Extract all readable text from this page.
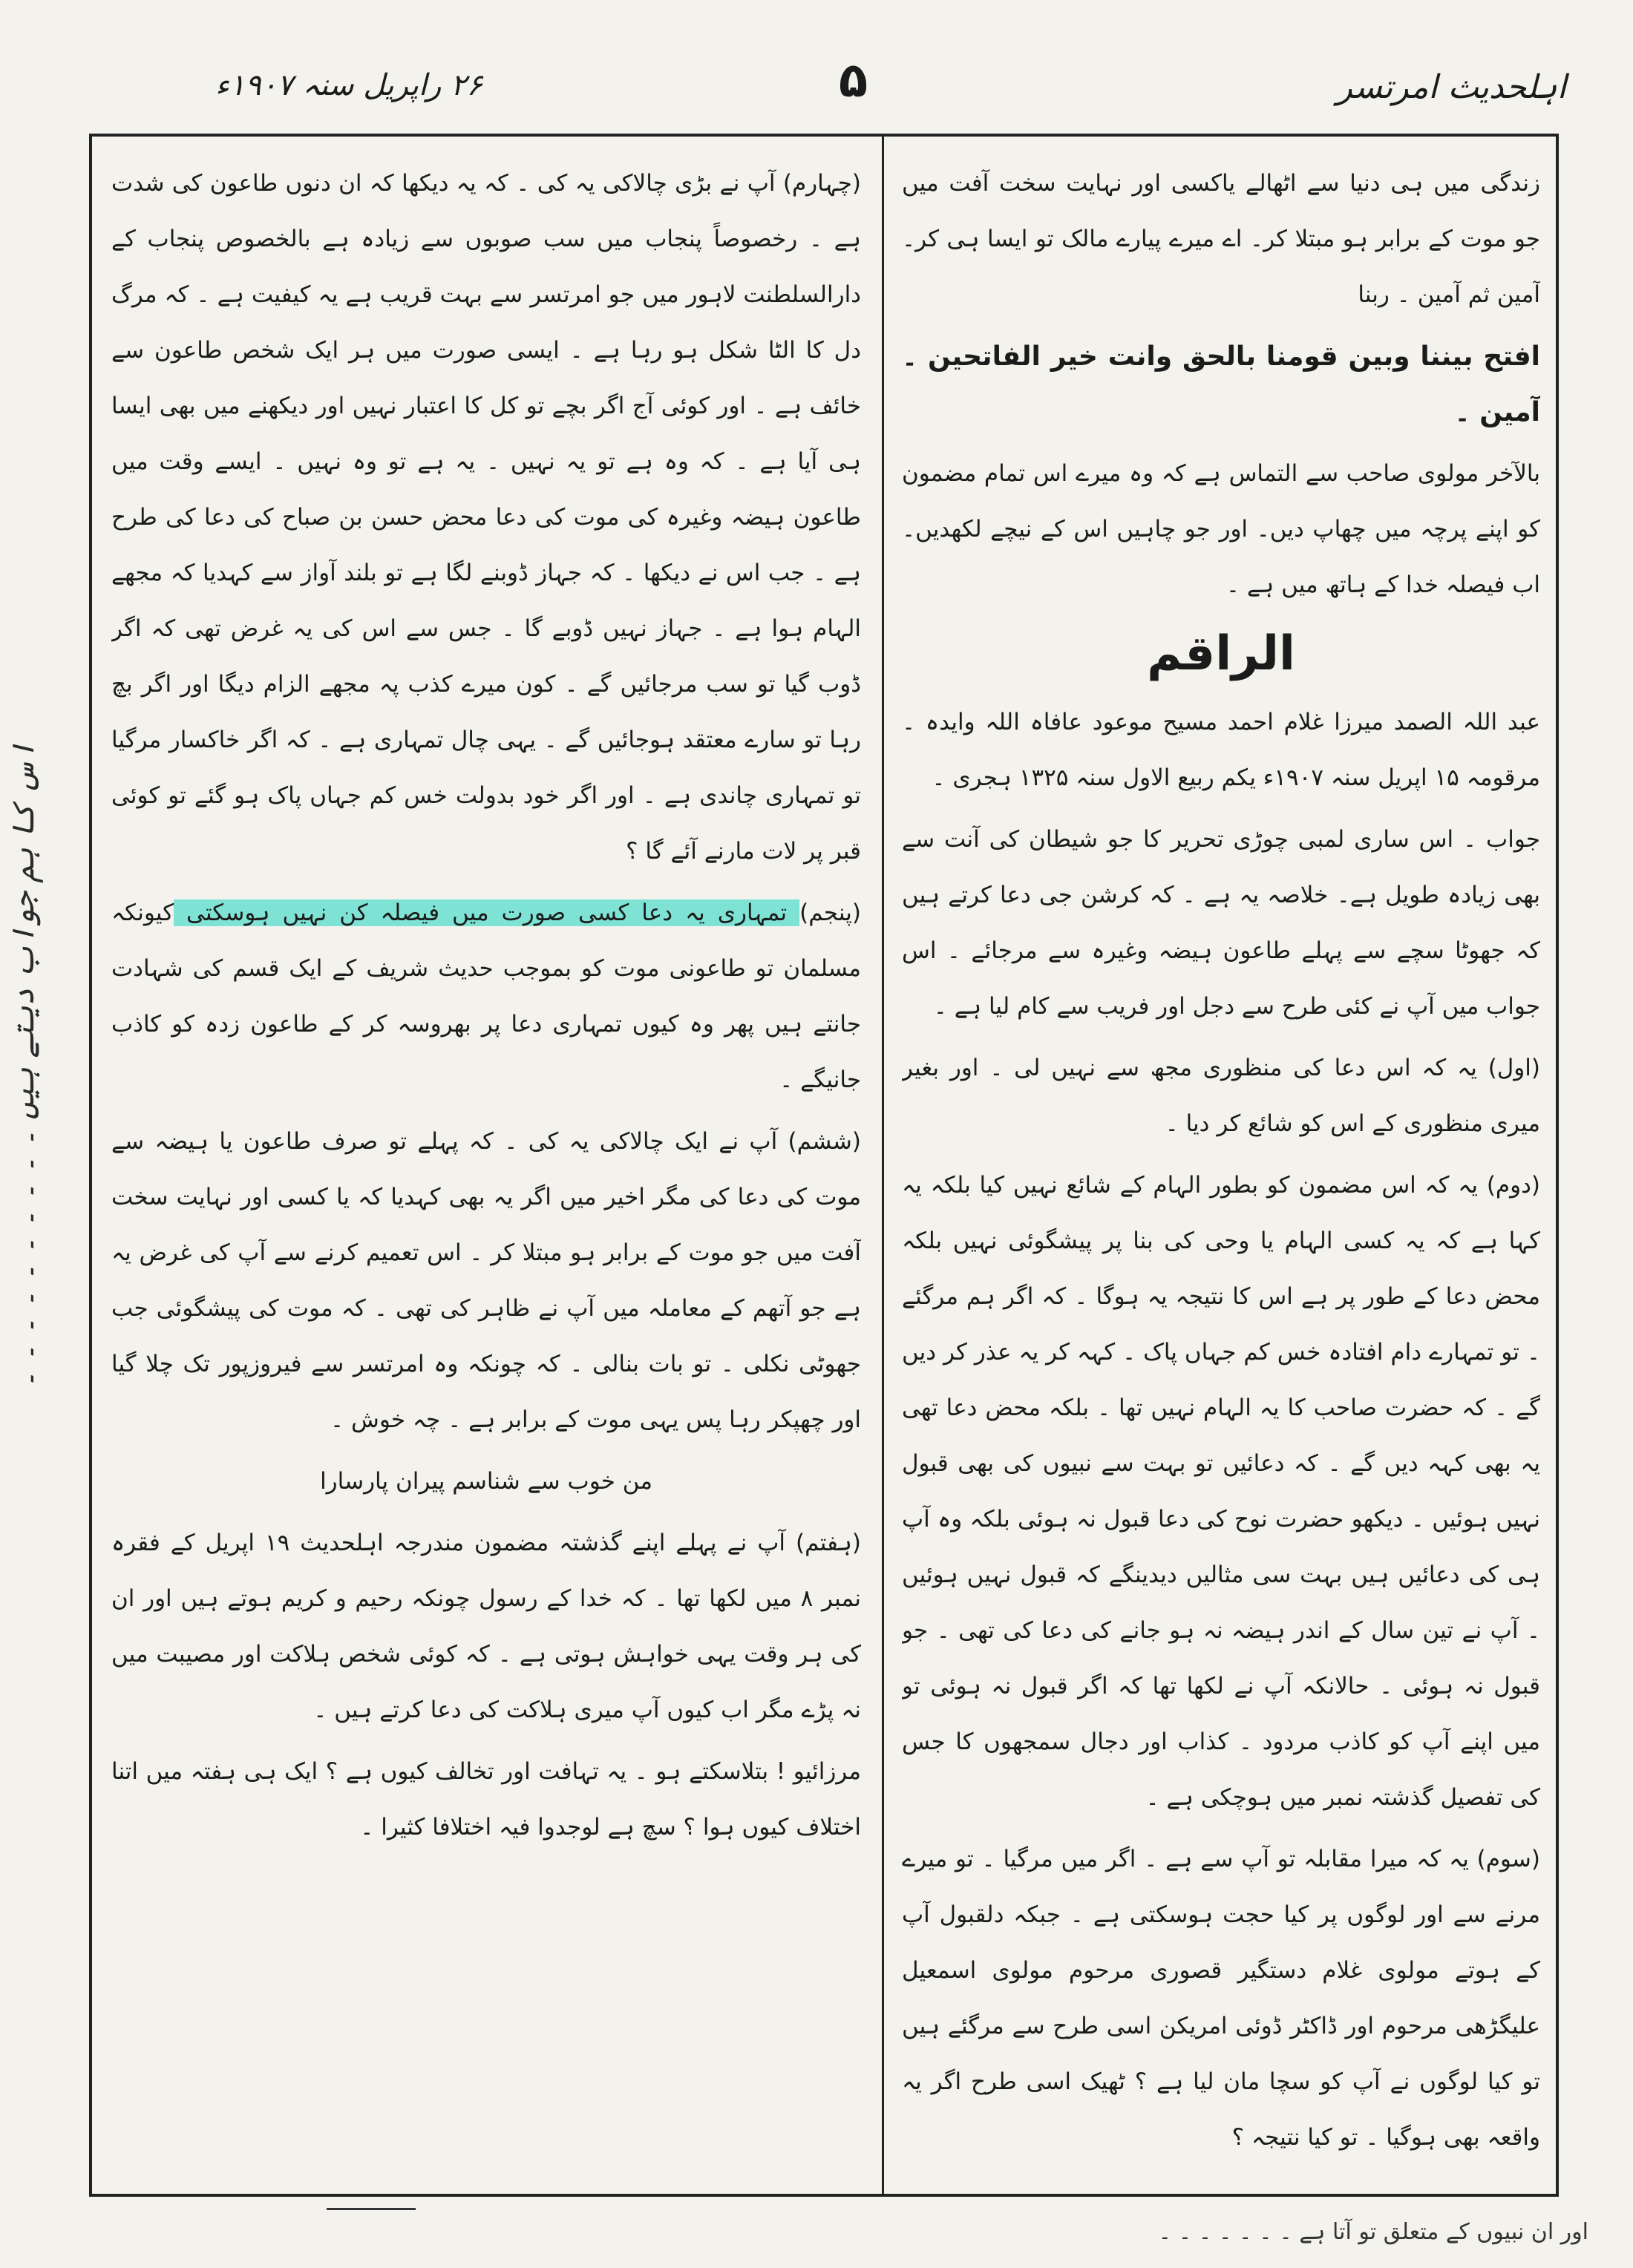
اہلحدیث امرتسر
۵
۲۶ راپریل سنہ ۱۹۰۷ء

زندگی میں ہی دنیا سے اٹھالے یاکسی اور نہایت سخت آفت میں جو موت کے برابر ہو مبتلا کر۔ اے میرے پیارے مالک تو ایسا ہی کر۔ آمین ثم آمین ۔ ربنا

افتح بیننا وبین قومنا بالحق وانت خیر الفاتحین ۔ آمین ۔

بالآخر مولوی صاحب سے التماس ہے کہ وہ میرے اس تمام مضمون کو اپنے پرچہ میں چھاپ دیں۔ اور جو چاہیں اس کے نیچے لکھدیں۔ اب فیصلہ خدا کے ہاتھ میں ہے ۔

الراقم

عبد اللہ الصمد میرزا غلام احمد مسیح موعود عافاہ اللہ وایدہ ۔ مرقومہ ۱۵ اپریل سنہ ۱۹۰۷ء یکم ربیع الاول سنہ ۱۳۲۵ ہجری ۔

جواب ۔ اس ساری لمبی چوڑی تحریر کا جو شیطان کی آنت سے بھی زیادہ طویل ہے۔ خلاصہ یہ ہے ۔ کہ کرشن جی دعا کرتے ہیں کہ جھوٹا سچے سے پہلے طاعون ہیضہ وغیرہ سے مرجائے ۔ اس جواب میں آپ نے کئی طرح سے دجل اور فریب سے کام لیا ہے ۔

(اول) یہ کہ اس دعا کی منظوری مجھ سے نہیں لی ۔ اور بغیر میری منظوری کے اس کو شائع کر دیا ۔

(دوم) یہ کہ اس مضمون کو بطور الہام کے شائع نہیں کیا بلکہ یہ کہا ہے کہ یہ کسی الہام یا وحی کی بنا پر پیشگوئی نہیں بلکہ محض دعا کے طور پر ہے اس کا نتیجہ یہ ہوگا ۔ کہ اگر ہم مرگئے ۔ تو تمہارے دام افتادہ خس کم جہاں پاک ۔ کہہ کر یہ عذر کر دیں گے ۔ کہ حضرت صاحب کا یہ الہام نہیں تھا ۔ بلکہ محض دعا تھی یہ بھی کہہ دیں گے ۔ کہ دعائیں تو بہت سے نبیوں کی بھی قبول نہیں ہوئیں ۔ دیکھو حضرت نوح کی دعا قبول نہ ہوئی بلکہ وہ آپ ہی کی دعائیں ہیں بہت سی مثالیں دیدینگے کہ قبول نہیں ہوئیں ۔ آپ نے تین سال کے اندر ہیضہ نہ ہو جانے کی دعا کی تھی ۔ جو قبول نہ ہوئی ۔ حالانکہ آپ نے لکھا تھا کہ اگر قبول نہ ہوئی تو میں اپنے آپ کو کاذب مردود ۔ کذاب اور دجال سمجھوں کا جس کی تفصیل گذشتہ نمبر میں ہوچکی ہے ۔

(سوم) یہ کہ میرا مقابلہ تو آپ سے ہے ۔ اگر میں مرگیا ۔ تو میرے مرنے سے اور لوگوں پر کیا حجت ہوسکتی ہے ۔ جبکہ دلقبول آپ کے ہوتے مولوی غلام دستگیر قصوری مرحوم مولوی اسمعیل علیگڑھی مرحوم اور ڈاکٹر ڈوئی امریکن اسی طرح سے مرگئے ہیں تو کیا لوگوں نے آپ کو سچا مان لیا ہے ؟ ٹھیک اسی طرح اگر یہ واقعہ بھی ہوگیا ۔ تو کیا نتیجہ ؟

(چہارم) آپ نے بڑی چالاکی یہ کی ۔ کہ یہ دیکھا کہ ان دنوں طاعون کی شدت ہے ۔ رخصوصاً پنجاب میں سب صوبوں سے زیادہ ہے بالخصوص پنجاب کے دارالسلطنت لاہور میں جو امرتسر سے بہت قریب ہے یہ کیفیت ہے ۔ کہ مرگ دل کا الٹا شکل ہو رہا ہے ۔ ایسی صورت میں ہر ایک شخص طاعون سے خائف ہے ۔ اور کوئی آج اگر بچے تو کل کا اعتبار نہیں اور دیکھنے میں بھی ایسا ہی آیا ہے ۔ کہ وہ ہے تو یہ نہیں ۔ یہ ہے تو وہ نہیں ۔ ایسے وقت میں طاعون ہیضہ وغیرہ کی موت کی دعا محض حسن بن صباح کی دعا کی طرح ہے ۔ جب اس نے دیکھا ۔ کہ جہاز ڈوبنے لگا ہے تو بلند آواز سے کہدیا کہ مجھے الہام ہوا ہے ۔ جہاز نہیں ڈوبے گا ۔ جس سے اس کی یہ غرض تھی کہ اگر ڈوب گیا تو سب مرجائیں گے ۔ کون میرے کذب پہ مجھے الزام دیگا اور اگر بچ رہا تو سارے معتقد ہوجائیں گے ۔ یہی چال تمہاری ہے ۔ کہ اگر خاکسار مرگیا تو تمہاری چاندی ہے ۔ اور اگر خود بدولت خس کم جہاں پاک ہو گئے تو کوئی قبر پر لات مارنے آئے گا ؟

(پنجم) تمہاری یہ دعا کسی صورت میں فیصلہ کن نہیں ہوسکتی کیونکہ مسلمان تو طاعونی موت کو بموجب حدیث شریف کے ایک قسم کی شہادت جانتے ہیں پھر وہ کیوں تمہاری دعا پر بھروسہ کر کے طاعون زدہ کو کاذب جانیگے ۔

(ششم) آپ نے ایک چالاکی یہ کی ۔ کہ پہلے تو صرف طاعون یا ہیضہ سے موت کی دعا کی مگر اخیر میں اگر یہ بھی کہدیا کہ یا کسی اور نہایت سخت آفت میں جو موت کے برابر ہو مبتلا کر ۔ اس تعمیم کرنے سے آپ کی غرض یہ ہے جو آتھم کے معاملہ میں آپ نے ظاہر کی تھی ۔ کہ موت کی پیشگوئی جب جھوٹی نکلی ۔ تو بات بنالی ۔ کہ چونکہ وہ امرتسر سے فیروزپور تک چلا گیا اور چھپکر رہا پس یہی موت کے برابر ہے ۔ چہ خوش ۔

من خوب سے شناسم پیران پارسارا

(ہفتم) آپ نے پہلے اپنے گذشتہ مضمون مندرجہ اہلحدیث ۱۹ اپریل کے فقرہ نمبر ۸ میں لکھا تھا ۔ کہ خدا کے رسول چونکہ رحیم و کریم ہوتے ہیں اور ان کی ہر وقت یہی خواہش ہوتی ہے ۔ کہ کوئی شخص ہلاکت اور مصیبت میں نہ پڑے مگر اب کیوں آپ میری ہلاکت کی دعا کرتے ہیں ۔

مرزائیو ! بتلاسکتے ہو ۔ یہ تہافت اور تخالف کیوں ہے ؟ ایک ہی ہفتہ میں اتنا اختلاف کیوں ہوا ؟ سچ ہے لوجدوا فیہ اختلافا کثیرا ۔

اس کا ہم جواب دیتے ہیں ۔ ۔ ۔ ۔ ۔ ۔ ۔ ۔ ۔ ۔
اور ان نبیوں کے متعلق تو آتا ہے ۔ ۔ ۔ ۔ ۔ ۔ ۔
